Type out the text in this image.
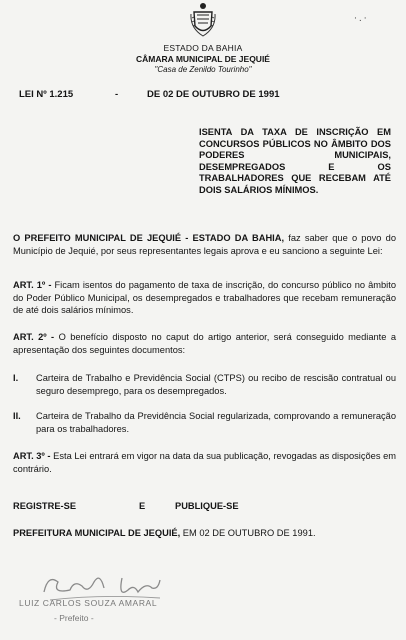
·.·
ESTADO DA BAHIA
CÂMARA MUNICIPAL DE JEQUIÉ
"Casa de Zenildo Tourinho"
LEI Nº 1.215	-	DE 02 DE OUTUBRO DE 1991
ISENTA DA TAXA DE INSCRIÇÃO EM CONCURSOS PÚBLICOS NO ÂMBITO DOS PODERES MUNICIPAIS, DESEMPREGADOS E OS TRABALHADORES QUE RECEBAM ATÉ DOIS SALÁRIOS MÍNIMOS.
O PREFEITO MUNICIPAL DE JEQUIÉ - ESTADO DA BAHIA, faz saber que o povo do Município de Jequié, por seus representantes legais aprova e eu sanciono a seguinte Lei:
ART. 1º - Ficam isentos do pagamento de taxa de inscrição, do concurso público no âmbito do Poder Público Municipal, os desempregados e trabalhadores que recebam remuneração de até dois salários mínimos.
ART. 2º - O benefício disposto no caput do artigo anterior, será conseguido mediante a apresentação dos seguintes documentos:
I. Carteira de Trabalho e Previdência Social (CTPS) ou recibo de rescisão contratual ou seguro desemprego, para os desempregados.
II. Carteira de Trabalho da Previdência Social regularizada, comprovando a remuneração para os trabalhadores.
ART. 3º - Esta Lei entrará em vigor na data da sua publicação, revogadas as disposições em contrário.
REGISTRE-SE	E	PUBLIQUE-SE
PREFEITURA MUNICIPAL DE JEQUIÉ, EM 02 DE OUTUBRO DE 1991.
LUIZ CARLOS SOUZA AMARAL
- Prefeito -
